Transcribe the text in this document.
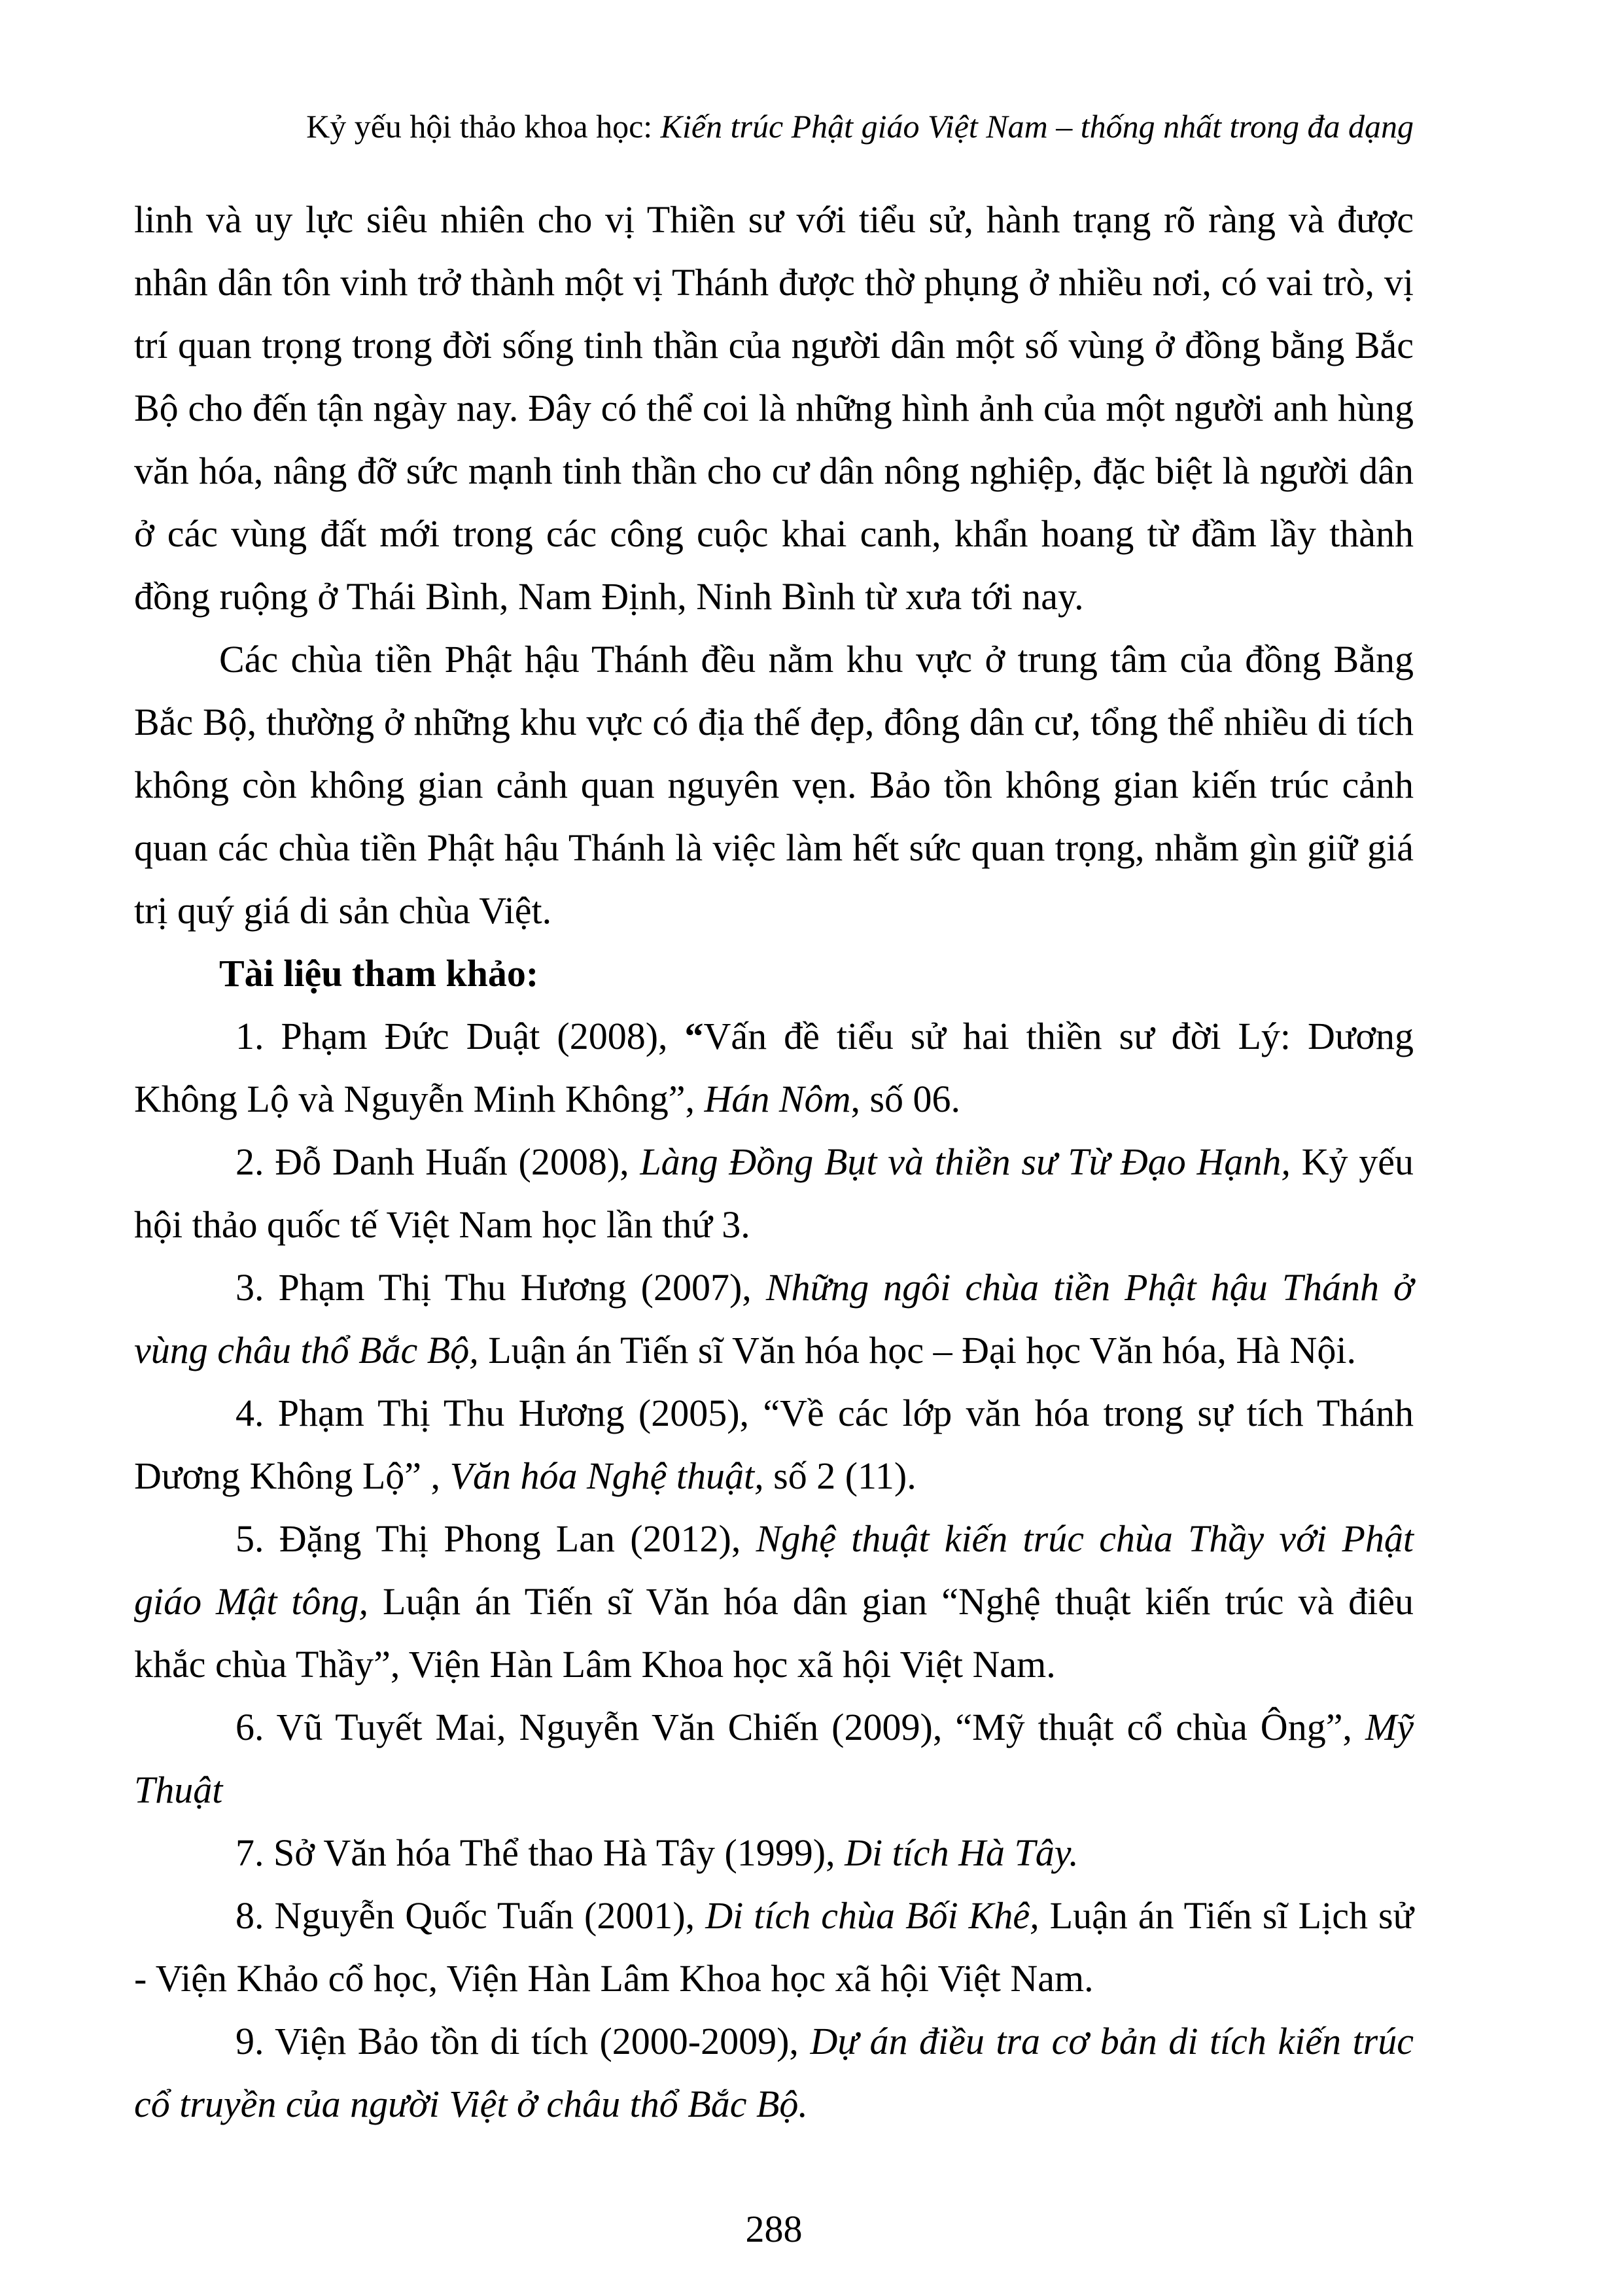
Kỷ yếu hội thảo khoa học: Kiến trúc Phật giáo Việt Nam – thống nhất trong đa dạng

linh và uy lực siêu nhiên cho vị Thiền sư với tiểu sử, hành trạng rõ ràng và được nhân dân tôn vinh trở thành một vị Thánh được thờ phụng ở nhiều nơi, có vai trò, vị trí quan trọng trong đời sống tinh thần của người dân một số vùng ở đồng bằng Bắc Bộ cho đến tận ngày nay. Đây có thể coi là những hình ảnh của một người anh hùng văn hóa, nâng đỡ sức mạnh tinh thần cho cư dân nông nghiệp, đặc biệt là người dân ở các vùng đất mới trong các công cuộc khai canh, khẩn hoang từ đầm lầy thành đồng ruộng ở Thái Bình, Nam Định, Ninh Bình từ xưa tới nay.

Các chùa tiền Phật hậu Thánh đều nằm khu vực ở trung tâm của đồng Bằng Bắc Bộ, thường ở những khu vực có địa thế đẹp, đông dân cư, tổng thể nhiều di tích không còn không gian cảnh quan nguyên vẹn. Bảo tồn không gian kiến trúc cảnh quan các chùa tiền Phật hậu Thánh là việc làm hết sức quan trọng, nhằm gìn giữ giá trị quý giá di sản chùa Việt.

Tài liệu tham khảo:

1. Phạm Đức Duật (2008), “Vấn đề tiểu sử hai thiền sư đời Lý: Dương Không Lộ và Nguyễn Minh Không”, Hán Nôm, số 06.

2. Đỗ Danh Huấn (2008), Làng Đồng Bụt và thiền sư Từ Đạo Hạnh, Kỷ yếu hội thảo quốc tế Việt Nam học lần thứ 3.

3. Phạm Thị Thu Hương (2007), Những ngôi chùa tiền Phật hậu Thánh ở vùng châu thổ Bắc Bộ, Luận án Tiến sĩ Văn hóa học – Đại học Văn hóa, Hà Nội.

4. Phạm Thị Thu Hương (2005), “Về các lớp văn hóa trong sự tích Thánh Dương Không Lộ” , Văn hóa Nghệ thuật, số 2 (11).

5. Đặng Thị Phong Lan (2012), Nghệ thuật kiến trúc chùa Thầy với Phật giáo Mật tông, Luận án Tiến sĩ Văn hóa dân gian “Nghệ thuật kiến trúc và điêu khắc chùa Thầy”, Viện Hàn Lâm Khoa học xã hội Việt Nam.

6. Vũ Tuyết Mai, Nguyễn Văn Chiến (2009), “Mỹ thuật cổ chùa Ông”, Mỹ Thuật

7. Sở Văn hóa Thể thao Hà Tây (1999), Di tích Hà Tây.

8. Nguyễn Quốc Tuấn (2001), Di tích chùa Bối Khê, Luận án Tiến sĩ Lịch sử - Viện Khảo cổ học, Viện Hàn Lâm Khoa học xã hội Việt Nam.

9. Viện Bảo tồn di tích (2000-2009), Dự án điều tra cơ bản di tích kiến trúc cổ truyền của người Việt ở châu thổ Bắc Bộ.

288
